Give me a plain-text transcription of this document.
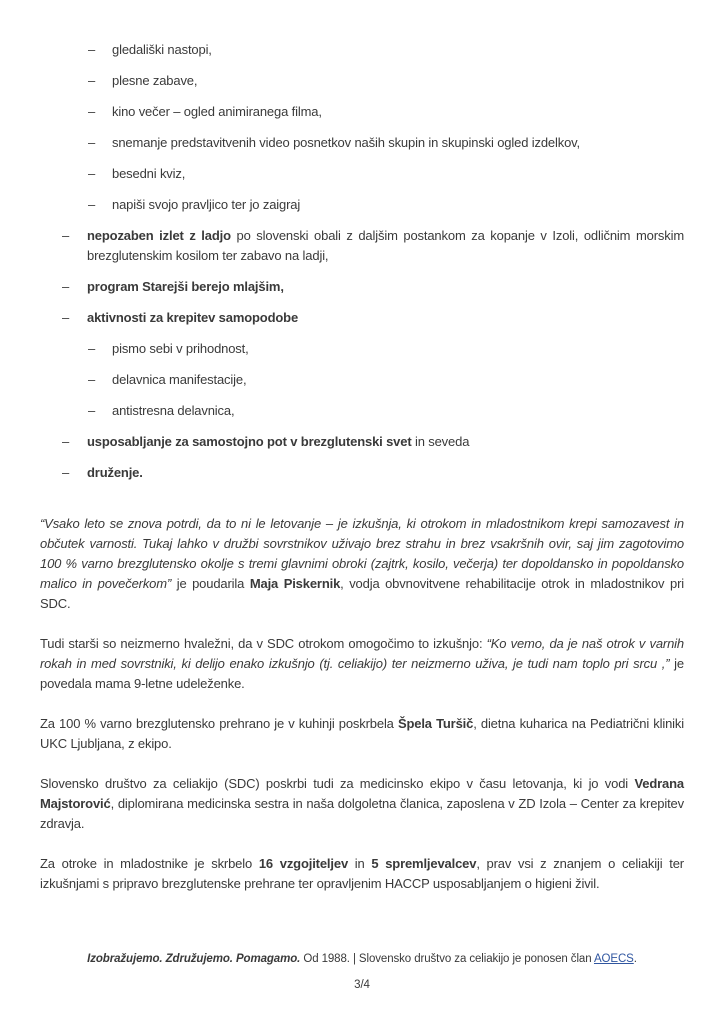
– gledališki nastopi,
– plesne zabave,
– kino večer – ogled animiranega filma,
– snemanje predstavitvenih video posnetkov naših skupin in skupinski ogled izdelkov,
– besedni kviz,
– napiši svojo pravljico ter jo zaigraj
– nepozaben izlet z ladjo po slovenski obali z daljšim postankom za kopanje v Izoli, odličnim morskim brezglutenskim kosilom ter zabavo na ladji,
– program Starejši berejo mlajšim,
– aktivnosti za krepitev samopodobe
– pismo sebi v prihodnost,
– delavnica manifestacije,
– antistresna delavnica,
– usposabljanje za samostojno pot v brezglutenski svet in seveda
– druženje.

“Vsako leto se znova potrdi, da to ni le letovanje – je izkušnja, ki otrokom in mladostnikom krepi samozavest in občutek varnosti. Tukaj lahko v družbi sovrstnikov uživajo brez strahu in brez vsakršnih ovir, saj jim zagotovimo 100 % varno brezglutensko okolje s tremi glavnimi obroki (zajtrk, kosilo, večerja) ter dopoldansko in popoldansko malico in povečerkom” je poudarila Maja Piskernik, vodja obvnovitvene rehabilitacije otrok in mladostnikov pri SDC.

Tudi starši so neizmerno hvaležni, da v SDC otrokom omogočimo to izkušnjo: “Ko vemo, da je naš otrok v varnih rokah in med sovrstniki, ki delijo enako izkušnjo (tj. celiakijo) ter neizmerno uživa, je tudi nam toplo pri srcu ,” je povedala mama 9-letne udeleženke.

Za 100 % varno brezglutensko prehrano je v kuhinji poskrbela Špela Turšič, dietna kuharica na Pediatrični kliniki UKC Ljubljana, z ekipo.

Slovensko društvo za celiakijo (SDC) poskrbi tudi za medicinsko ekipo v času letovanja, ki jo vodi Vedrana Majstorović, diplomirana medicinska sestra in naša dolgoletna članica, zaposlena v ZD Izola – Center za krepitev zdravja.

Za otroke in mladostnike je skrbelo 16 vzgojiteljev in 5 spremljevalcev, prav vsi z znanjem o celiakiji ter izkušnjami s pripravo brezglutenske prehrane ter opravljenim HACCP usposabljanjem o higieni živil.

Izobražujemo. Združujemo. Pomagamo. Od 1988. | Slovensko društvo za celiakijo je ponosen član AOECS.
3/4
